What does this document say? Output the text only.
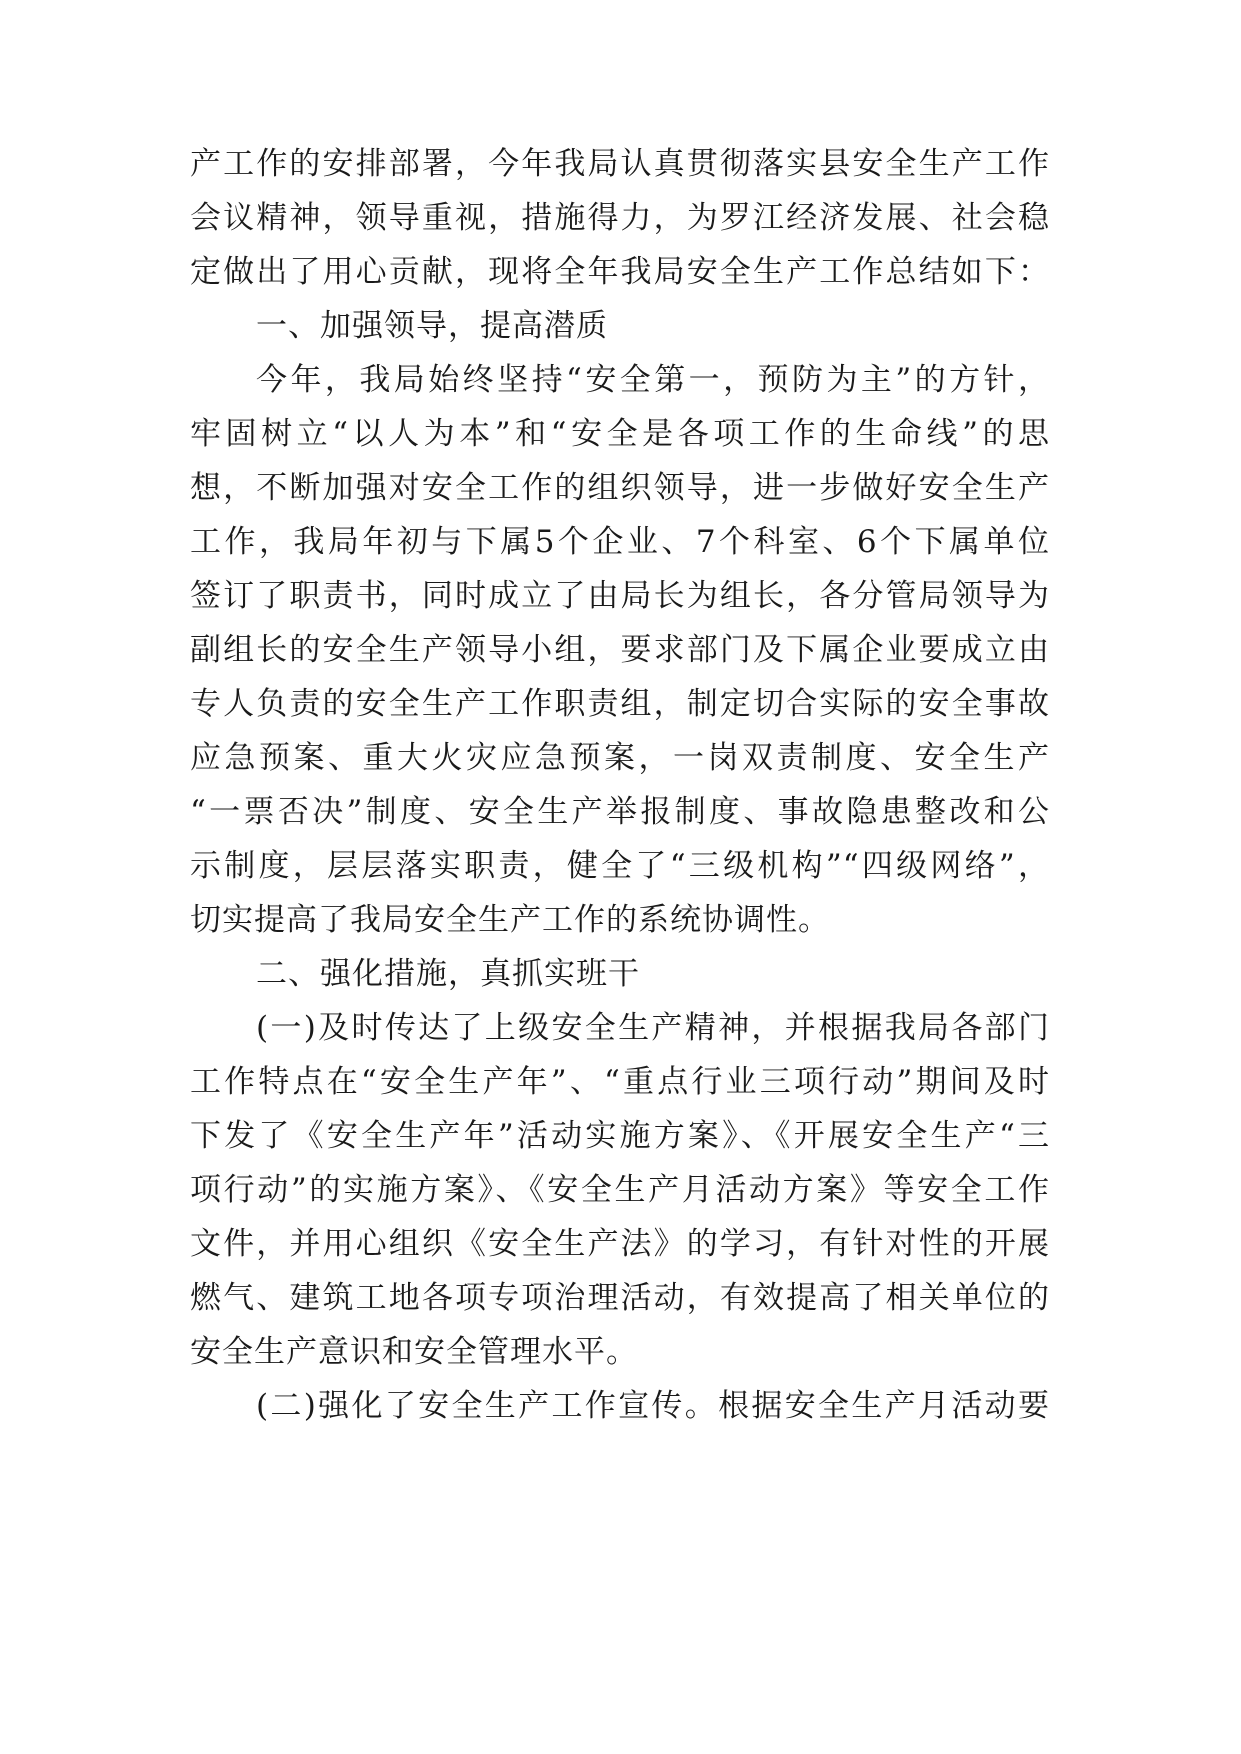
产工作的安排部署，今年我局认真贯彻落实县安全生产工作
会议精神，领导重视，措施得力，为罗江经济发展、社会稳
定做出了用心贡献，现将全年我局安全生产工作总结如下：
一、加强领导，提高潜质
今年，我局始终坚持“安全第一，预防为主”的方针，
牢固树立“以人为本”和“安全是各项工作的生命线”的思
想，不断加强对安全工作的组织领导，进一步做好安全生产
工作，我局年初与下属5个企业、7个科室、6个下属单位
签订了职责书，同时成立了由局长为组长，各分管局领导为
副组长的安全生产领导小组，要求部门及下属企业要成立由
专人负责的安全生产工作职责组，制定切合实际的安全事故
应急预案、重大火灾应急预案，一岗双责制度、安全生产
“一票否决”制度、安全生产举报制度、事故隐患整改和公
示制度，层层落实职责，健全了“三级机构”“四级网络”，
切实提高了我局安全生产工作的系统协调性。
二、强化措施，真抓实班干
(一)及时传达了上级安全生产精神，并根据我局各部门
工作特点在“安全生产年”、“重点行业三项行动”期间及时
下发了《安全生产年”活动实施方案》、《开展安全生产“三
项行动”的实施方案》、《安全生产月活动方案》等安全工作
文件，并用心组织《安全生产法》的学习，有针对性的开展
燃气、建筑工地各项专项治理活动，有效提高了相关单位的
安全生产意识和安全管理水平。
(二)强化了安全生产工作宣传。根据安全生产月活动要
